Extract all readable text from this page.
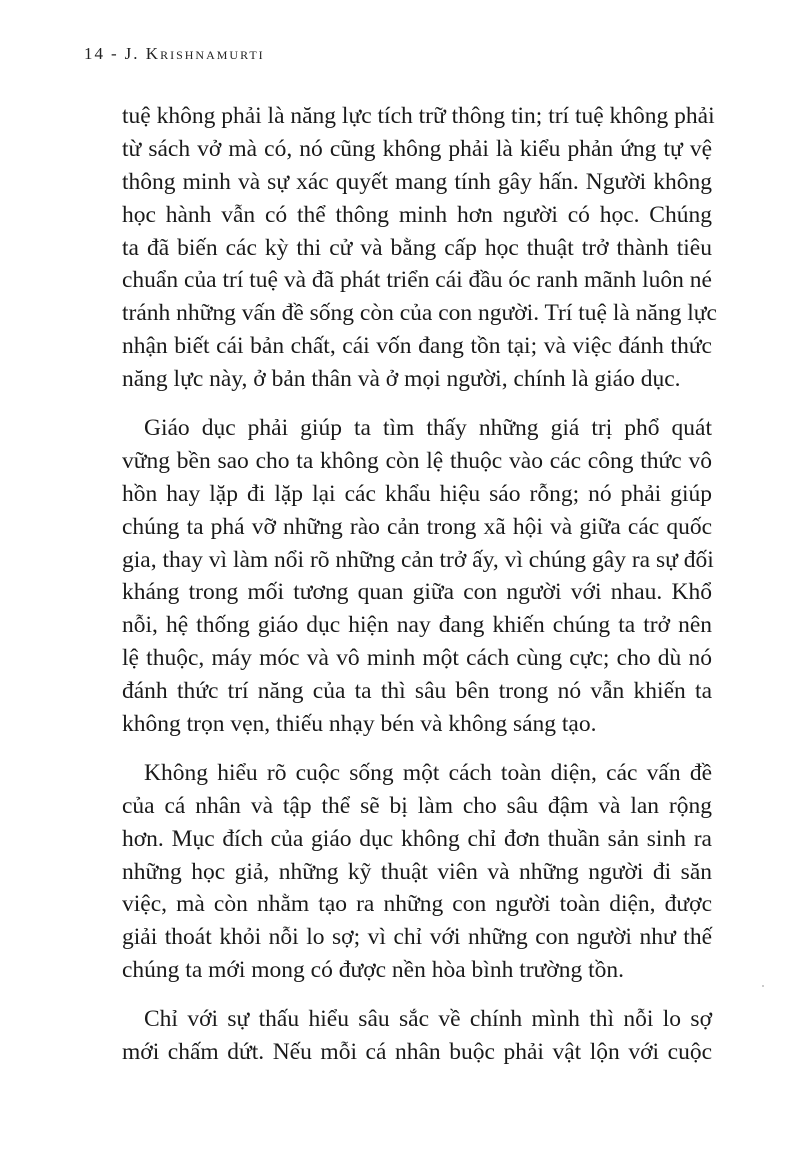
14 - J. Krishnamurti
tuệ không phải là năng lực tích trữ thông tin; trí tuệ không phải
từ sách vở mà có, nó cũng không phải là kiểu phản ứng tự vệ
thông minh và sự xác quyết mang tính gây hấn. Người không
học hành vẫn có thể thông minh hơn người có học. Chúng
ta đã biến các kỳ thi cử và bằng cấp học thuật trở thành tiêu
chuẩn của trí tuệ và đã phát triển cái đầu óc ranh mãnh luôn né
tránh những vấn đề sống còn của con người. Trí tuệ là năng lực
nhận biết cái bản chất, cái vốn đang tồn tại; và việc đánh thức
năng lực này, ở bản thân và ở mọi người, chính là giáo dục.
Giáo dục phải giúp ta tìm thấy những giá trị phổ quát
vững bền sao cho ta không còn lệ thuộc vào các công thức vô
hồn hay lặp đi lặp lại các khẩu hiệu sáo rỗng; nó phải giúp
chúng ta phá vỡ những rào cản trong xã hội và giữa các quốc
gia, thay vì làm nổi rõ những cản trở ấy, vì chúng gây ra sự đối
kháng trong mối tương quan giữa con người với nhau. Khổ
nỗi, hệ thống giáo dục hiện nay đang khiến chúng ta trở nên
lệ thuộc, máy móc và vô minh một cách cùng cực; cho dù nó
đánh thức trí năng của ta thì sâu bên trong nó vẫn khiến ta
không trọn vẹn, thiếu nhạy bén và không sáng tạo.
Không hiểu rõ cuộc sống một cách toàn diện, các vấn đề
của cá nhân và tập thể sẽ bị làm cho sâu đậm và lan rộng
hơn. Mục đích của giáo dục không chỉ đơn thuần sản sinh ra
những học giả, những kỹ thuật viên và những người đi săn
việc, mà còn nhằm tạo ra những con người toàn diện, được
giải thoát khỏi nỗi lo sợ; vì chỉ với những con người như thế
chúng ta mới mong có được nền hòa bình trường tồn.
Chỉ với sự thấu hiểu sâu sắc về chính mình thì nỗi lo sợ
mới chấm dứt. Nếu mỗi cá nhân buộc phải vật lộn với cuộc
